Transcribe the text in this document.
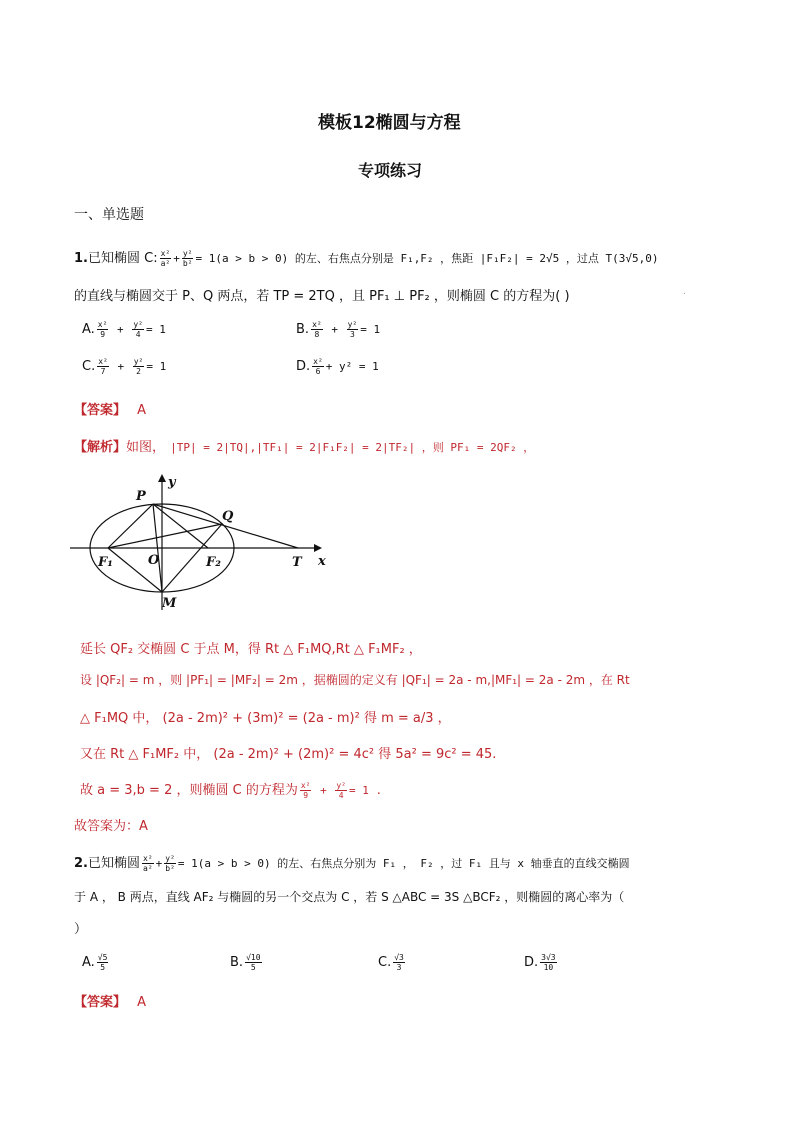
模板12椭圆与方程
专项练习
一、单选题
1.已知椭圆 C: $\frac{\text{x²}}{\text{a²}} + \frac{\text{y²}}{\text{b²}} = 1(a > b > 0)$ 的左、右焦点分别是 F₁,F₂ ，焦距 |F₁F₂| = 2√5 ，过点 T(3√5,0)
的直线与椭圆交于 P、Q 两点，若 TP = 2TQ ，且 PF₁ ⊥ PF₂ ，则椭圆 C 的方程为( )	.
A. $\frac{\text{x²}}{9} + \frac{\text{y²}}{4} = 1$	B. $\frac{\text{x²}}{8} + \frac{\text{y²}}{3} = 1$
C. $\frac{\text{x²}}{7} + \frac{\text{y²}}{2} = 1$	D. $\frac{\text{x²}}{6} + y^2 = 1$
【答案】 A
【解析】如图， |TP| = 2|TQ|,|TF₁| = 2|F₁F₂| = 2|TF₂| ，则 PF₁ = 2QF₂ ，
P
y
Q
F₁	O	F₂	T x
M
延长 QF₂ 交椭圆 C 于点 M，得 Rt △ F₁MQ,Rt △ F₁MF₂ ，
设 |QF₂| = m ，则 |PF₁| = |MF₂| = 2m ，据椭圆的定义有 |QF₁| = 2a - m,|MF₁| = 2a - 2m ，在 Rt
△ F₁MQ 中， (2a - 2m)² + (3m)² = (2a - m)² 得 m = a/3 ，
又在 Rt △ F₁MF₂ 中， (2a - 2m)² + (2m)² = 4c² 得 5a² = 9c² = 45.
故 a = 3,b = 2 ，则椭圆 C 的方程为 $\frac{\text{x²}}{9} + \frac{\text{y²}}{4} = 1$ .
故答案为：A
2.已知椭圆 $\frac{\text{x²}}{\text{a²}} + \frac{\text{y²}}{\text{b²}} = 1(a > b > 0)$ 的左、右焦点分别为 F₁ ， F₂ ，过 F₁ 且与 x 轴垂直的直线交椭圆
于 A ， B 两点，直线 AF₂ 与椭圆的另一个交点为 C ，若 S △ABC = 3S △BCF₂ ，则椭圆的离心率为（
）
A. $\frac{√5}{5}$	B. $\frac{√10}{5}$	C. $\frac{√3}{3}$	D. $\frac{3√3}{10}$
【答案】 A
